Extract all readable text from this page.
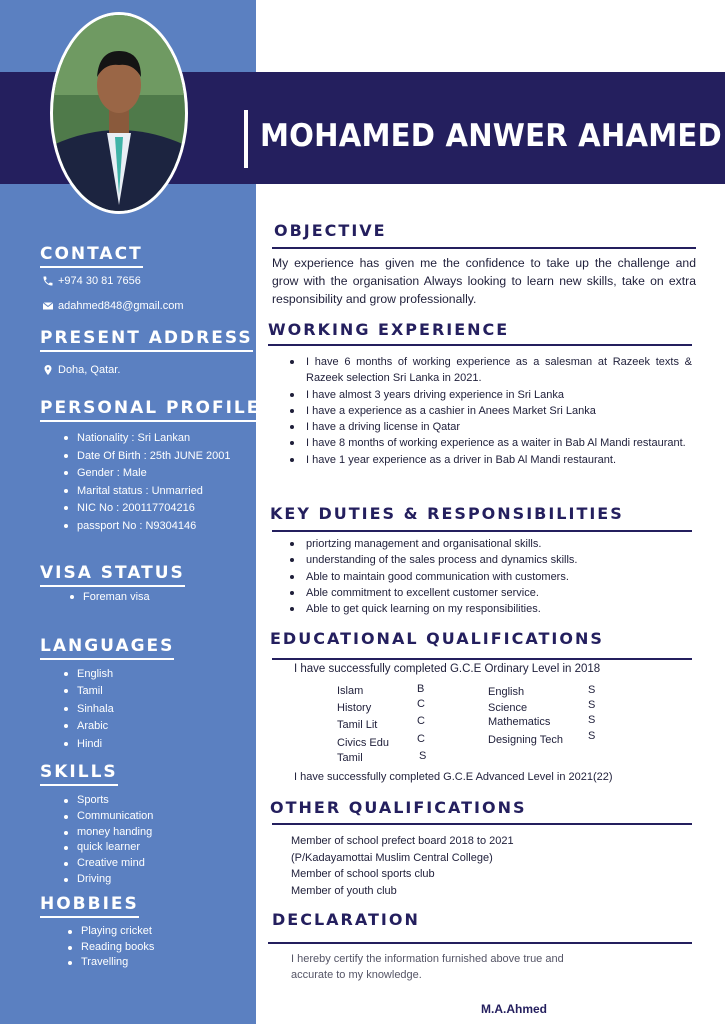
MOHAMED ANWER AHAMED
CONTACT
+974 30 81 7656
adahmed848@gmail.com
PRESENT ADDRESS
Doha, Qatar.
PERSONAL PROFILE
Nationality : Sri Lankan
Date Of Birth : 25th JUNE 2001
Gender : Male
Marital status : Unmarried
NIC No : 200117704216
passport No : N9304146
VISA STATUS
Foreman visa
LANGUAGES
English
Tamil
Sinhala
Arabic
Hindi
SKILLS
Sports
Communication
money handing
quick learner
Creative mind
Driving
HOBBIES
Playing cricket
Reading books
Travelling
OBJECTIVE
My experience has given me the confidence to take up the challenge and grow with the organisation Always looking to learn new skills, take on extra responsibility and grow professionally.
WORKING EXPERIENCE
I have 6 months of working experience as a salesman at Razeek texts & Razeek selection Sri Lanka in 2021.
I have almost 3 years driving experience in Sri Lanka
I have a experience as a cashier in Anees Market Sri Lanka
I have a driving license in Qatar
I have 8 months of working experience as a waiter in Bab Al Mandi restaurant.
I have 1 year experience as a driver in Bab Al Mandi restaurant.
KEY DUTIES & RESPONSIBILITIES
priortzing management and organisational skills.
understanding of the sales process and dynamics skills.
Able to maintain good communication with customers.
Able commitment to excellent customer service.
Able to get quick learning on my responsibilities.
EDUCATIONAL QUALIFICATIONS
I have successfully completed G.C.E Ordinary Level in 2018
Islam	B
History	C
Tamil Lit	C
Civics Edu	C
Tamil	S
English	S
Science	S
Mathematics	S
Designing Tech S
I have successfully completed G.C.E Advanced Level in 2021(22)
OTHER QUALIFICATIONS
Member of school prefect board 2018 to 2021
(P/Kadayamottai Muslim Central College)
Member of school sports club
Member of youth club
DECLARATION
I hereby certify the information furnished above true and accurate to my knowledge.
M.A.Ahmed
